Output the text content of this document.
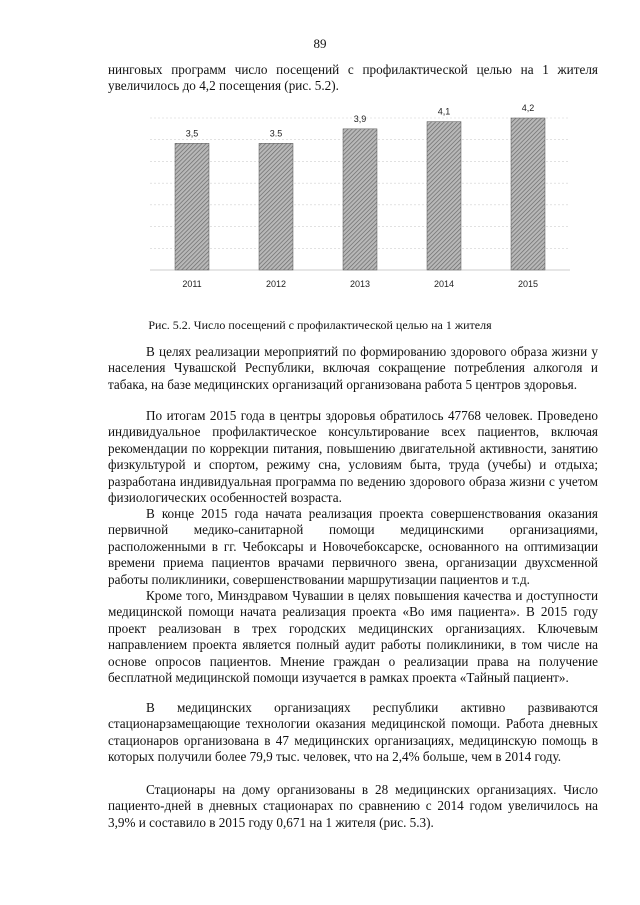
89
нинговых программ число посещений с профилактической целью на 1 жителя увеличилось до 4,2 посещения (рис. 5.2).
3,5	3.5
3,9
4,1	4,2
2011	2012	2013	2014	2015
Рис. 5.2. Число посещений с профилактической целью на 1 жителя
В целях реализации мероприятий по формированию здорового образа жизни у населения Чувашской Республики, включая сокращение потребления алкоголя и табака, на базе медицинских организаций организована работа 5 центров здоровья.
По итогам 2015 года в центры здоровья обратилось 47768 человек. Проведено индивидуальное профилактическое консультирование всех пациентов, включая рекомендации по коррекции питания, повышению двигательной активности, занятию физкультурой и спортом, режиму сна, условиям быта, труда (учебы) и отдыха; разработана индивидуальная программа по ведению здорового образа жизни с учетом физиологических особенностей возраста.
В конце 2015 года начата реализация проекта совершенствования оказания первичной медико-санитарной помощи медицинскими организациями, расположенными в гг. Чебоксары и Новочебоксарске, основанного на оптимизации времени приема пациентов врачами первичного звена, организации двухсменной работы поликлиники, совершенствовании маршрутизации пациентов и т.д.
Кроме того, Минздравом Чувашии в целях повышения качества и доступности медицинской помощи начата реализация проекта «Во имя пациента». В 2015 году проект реализован в трех городских медицинских организациях. Ключевым направлением проекта является полный аудит работы поликлиники, в том числе на основе опросов пациентов. Мнение граждан о реализации права на получение бесплатной медицинской помощи изучается в рамках проекта «Тайный пациент».
В медицинских организациях республики активно развиваются стационарзамещающие технологии оказания медицинской помощи. Работа дневных стационаров организована в 47 медицинских организациях, медицинскую помощь в которых получили более 79,9 тыс. человек, что на 2,4% больше, чем в 2014 году.
Стационары на дому организованы в 28 медицинских организациях. Число пациенто-дней в дневных стационарах по сравнению с 2014 годом увеличилось на 3,9% и составило в 2015 году 0,671 на 1 жителя (рис. 5.3).
